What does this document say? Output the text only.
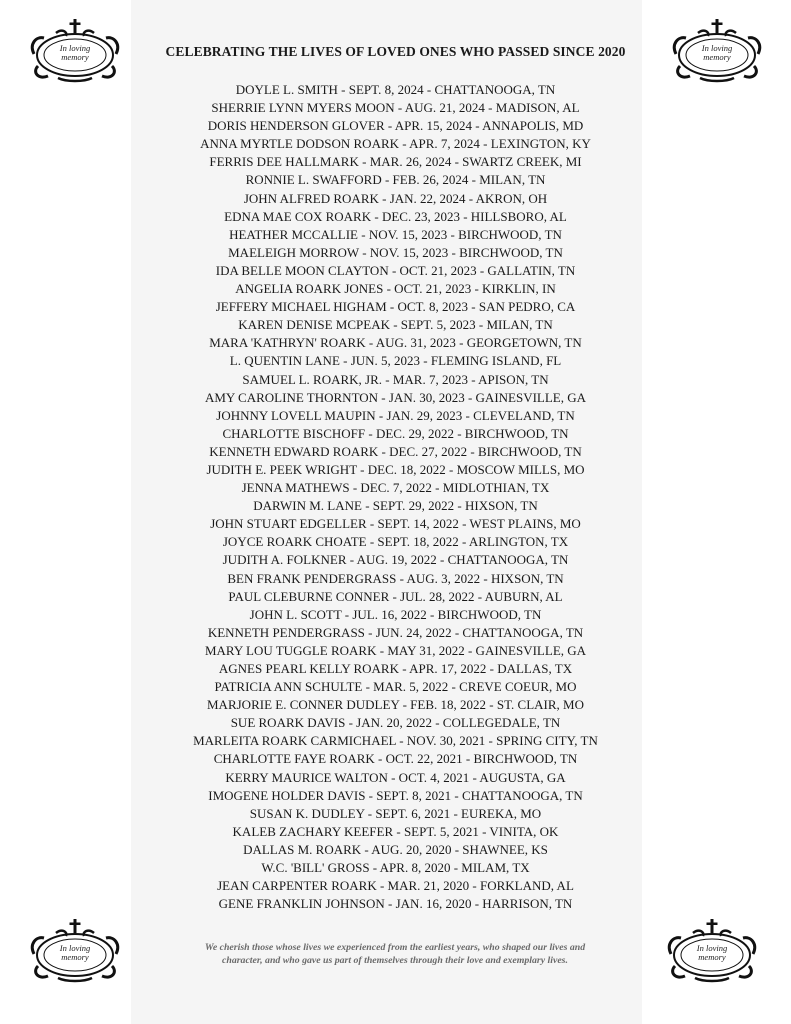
In loving
memory
In loving
memory
In loving
memory
In loving
memory
CELEBRATING THE LIVES OF LOVED ONES WHO PASSED SINCE 2020
DOYLE L. SMITH - SEPT. 8, 2024 - CHATTANOOGA, TN
SHERRIE LYNN MYERS MOON - AUG. 21, 2024 - MADISON, AL
DORIS HENDERSON GLOVER - APR. 15, 2024 - ANNAPOLIS, MD
ANNA MYRTLE DODSON ROARK - APR. 7, 2024 - LEXINGTON, KY
FERRIS DEE HALLMARK - MAR. 26, 2024 - SWARTZ CREEK, MI
RONNIE L. SWAFFORD - FEB. 26, 2024 - MILAN, TN
JOHN ALFRED ROARK - JAN. 22, 2024 - AKRON, OH
EDNA MAE COX ROARK - DEC. 23, 2023 - HILLSBORO, AL
HEATHER MCCALLIE - NOV. 15, 2023 - BIRCHWOOD, TN
MAELEIGH MORROW - NOV. 15, 2023 - BIRCHWOOD, TN
IDA BELLE MOON CLAYTON - OCT. 21, 2023 - GALLATIN, TN
ANGELIA ROARK JONES - OCT. 21, 2023 - KIRKLIN, IN
JEFFERY MICHAEL HIGHAM - OCT. 8, 2023 - SAN PEDRO, CA
KAREN DENISE MCPEAK - SEPT. 5, 2023 - MILAN, TN
MARA 'KATHRYN' ROARK - AUG. 31, 2023 - GEORGETOWN, TN
L. QUENTIN LANE - JUN. 5, 2023 - FLEMING ISLAND, FL
SAMUEL L. ROARK, JR. - MAR. 7, 2023 - APISON, TN
AMY CAROLINE THORNTON - JAN. 30, 2023 - GAINESVILLE, GA
JOHNNY LOVELL MAUPIN - JAN. 29, 2023 - CLEVELAND, TN
CHARLOTTE BISCHOFF - DEC. 29, 2022 - BIRCHWOOD, TN
KENNETH EDWARD ROARK - DEC. 27, 2022 - BIRCHWOOD, TN
JUDITH E. PEEK WRIGHT - DEC. 18, 2022 - MOSCOW MILLS, MO
JENNA MATHEWS - DEC. 7, 2022 - MIDLOTHIAN, TX
DARWIN M. LANE - SEPT. 29, 2022 - HIXSON, TN
JOHN STUART EDGELLER - SEPT. 14, 2022 - WEST PLAINS, MO
JOYCE ROARK CHOATE - SEPT. 18, 2022 - ARLINGTON, TX
JUDITH A. FOLKNER - AUG. 19, 2022 - CHATTANOOGA, TN
BEN FRANK PENDERGRASS - AUG. 3, 2022 - HIXSON, TN
PAUL CLEBURNE CONNER - JUL. 28, 2022 - AUBURN, AL
JOHN L. SCOTT - JUL. 16, 2022 - BIRCHWOOD, TN
KENNETH PENDERGRASS - JUN. 24, 2022 - CHATTANOOGA, TN
MARY LOU TUGGLE ROARK - MAY 31, 2022 - GAINESVILLE, GA
AGNES PEARL KELLY ROARK - APR. 17, 2022 - DALLAS, TX
PATRICIA ANN SCHULTE - MAR. 5, 2022 - CREVE COEUR, MO
MARJORIE E. CONNER DUDLEY - FEB. 18, 2022 - ST. CLAIR, MO
SUE ROARK DAVIS - JAN. 20, 2022 - COLLEGEDALE, TN
MARLEITA ROARK CARMICHAEL - NOV. 30, 2021 - SPRING CITY, TN
CHARLOTTE FAYE ROARK - OCT. 22, 2021 - BIRCHWOOD, TN
KERRY MAURICE WALTON - OCT. 4, 2021 - AUGUSTA, GA
IMOGENE HOLDER DAVIS - SEPT. 8, 2021 - CHATTANOOGA, TN
SUSAN K. DUDLEY - SEPT. 6, 2021 - EUREKA, MO
KALEB ZACHARY KEEFER - SEPT. 5, 2021 - VINITA, OK
DALLAS M. ROARK - AUG. 20, 2020 - SHAWNEE, KS
W.C. 'BILL' GROSS - APR. 8, 2020 - MILAM, TX
JEAN CARPENTER ROARK - MAR. 21, 2020 - FORKLAND, AL
GENE FRANKLIN JOHNSON - JAN. 16, 2020 - HARRISON, TN
We cherish those whose lives we experienced from the earliest years, who shaped our lives and
character, and who gave us part of themselves through their love and exemplary lives.
